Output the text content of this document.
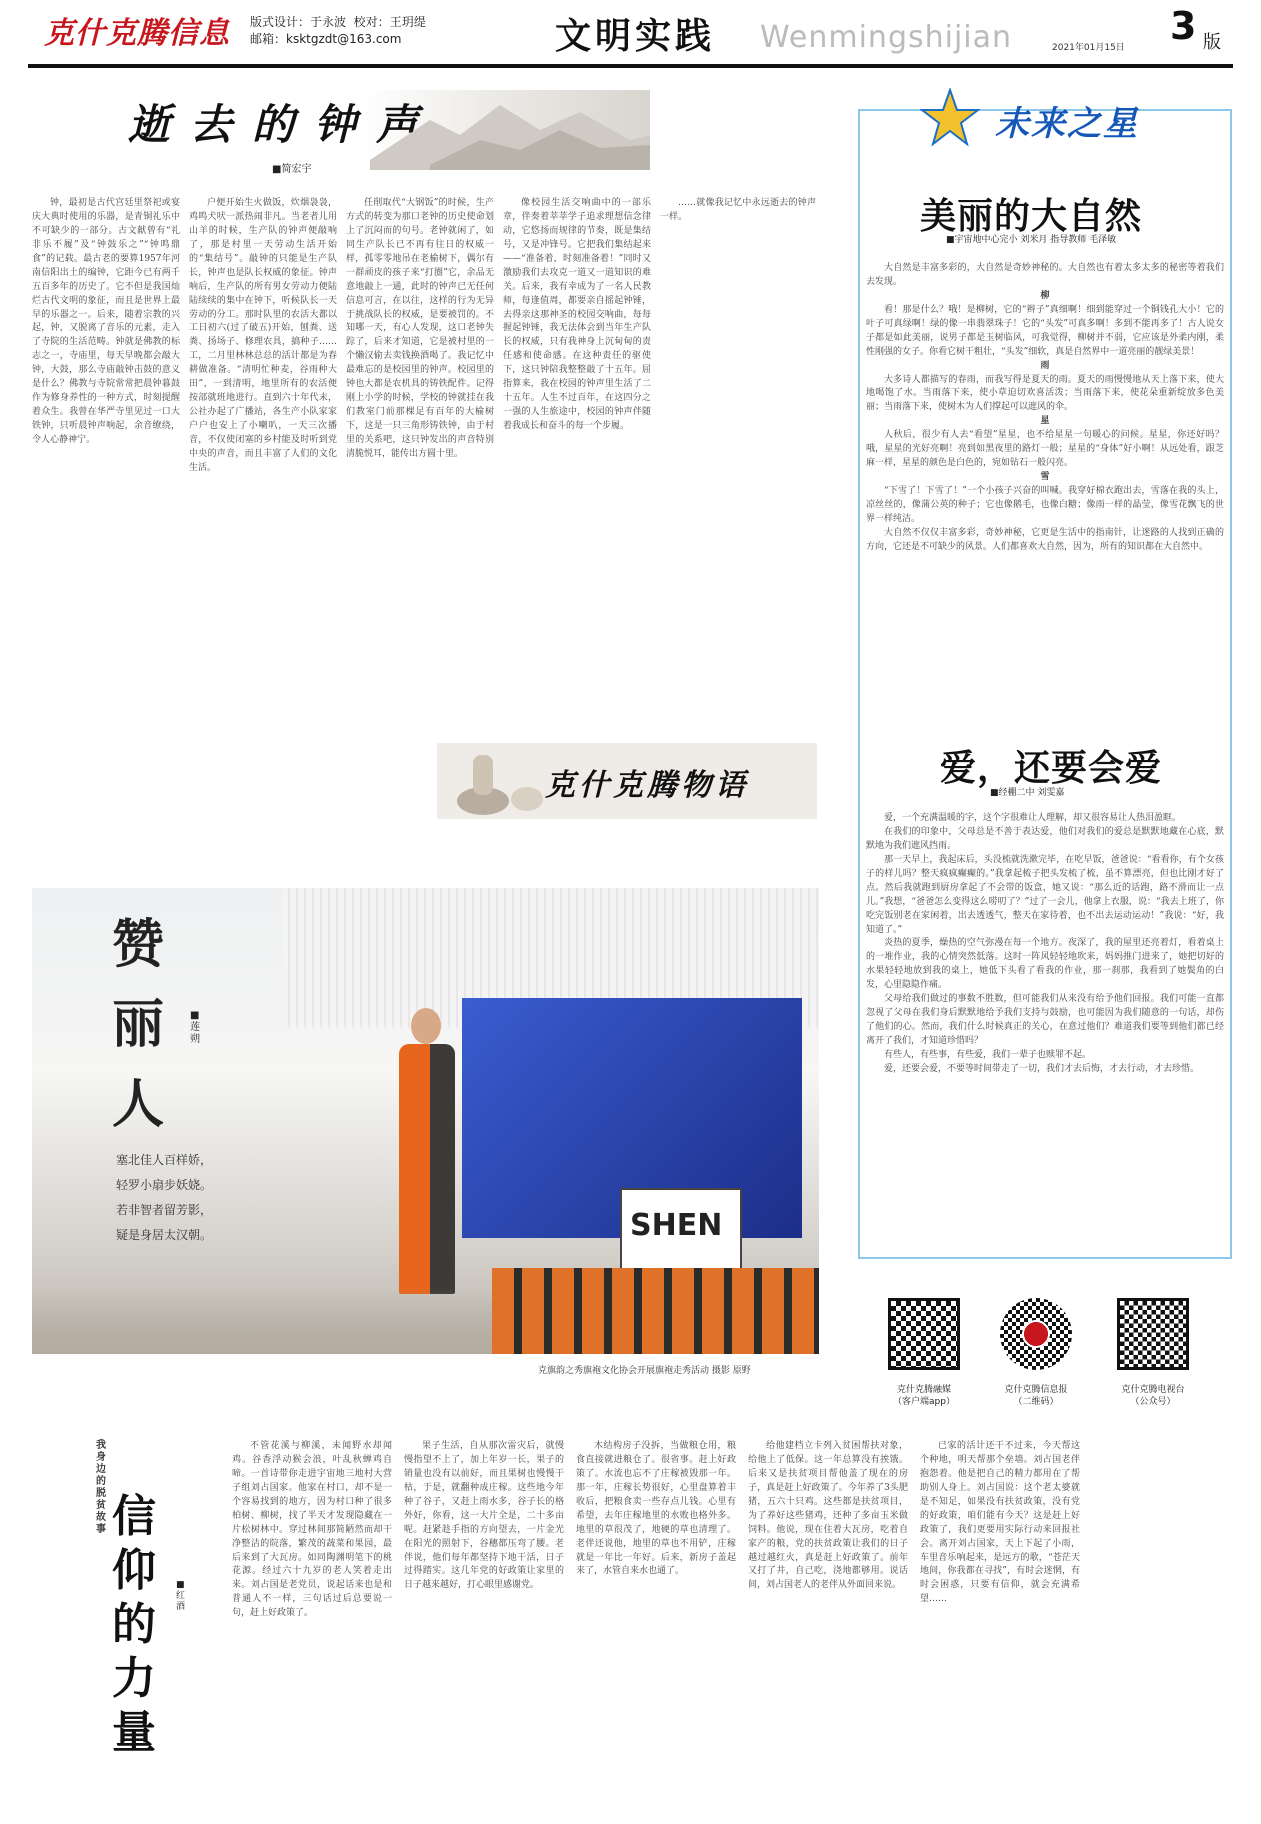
克什克腾信息 版式设计：于永波 校对：王玥缇
邮箱：ksktgzdt@163.com	文明实践 Wenmingshijian	2021年01月15日 3 版
逝去的钟声
■简宏宇

钟，最初是古代宫廷里祭祀或宴庆大典时使用的乐器，是青铜礼乐中不可缺少的一部分。古文献曾有“礼非乐不履”及“钟鼓乐之”“钟鸣鼎食”的记载。最古老的要算1957年河南信阳出土的编钟，它距今已有两千五百多年的历史了。它不但是我国灿烂古代文明的象征，而且是世界上最早的乐器之一。后来，随着宗教的兴起，钟，又脱离了音乐的元素，走入了寺院的生活范畴。钟就是佛教的标志之一，寺庙里，每天早晚都会敲大钟，大鼓，那么寺庙敲钟击鼓的意义是什么？佛教与寺院常常把晨钟暮鼓作为修身养性的一种方式，时刻提醒着众生。我曾在华严寺里见过一口大铁钟，只听晨钟声响起，余音缭绕，令人心静神宁。

户便开始生火做饭，炊烟袅袅，鸡鸣犬吠一派热闹非凡。当老者儿用山羊的时候，生产队的钟声便敲响了，那是村里一天劳动生活开始的“集结号”。敲钟的只能是生产队长，钟声也是队长权威的象征。钟声响后，生产队的所有男女劳动力便陆陆续续的集中在钟下，听候队长一天劳动的分工。那时队里的农活大都以工日初六(过了破五)开始，刨粪、送粪、扬场子、修理农具，搞种子……工，二月里林林总总的活计都是为春耕做准备。“清明忙种麦，谷雨种大田”，一到清明，地里所有的农活便按部就班地进行。直到六十年代末，公社办起了广播站，各生产小队家家户户也安上了小喇叭，一天三次播音，不仅使闭塞的乡村能及时听到党中央的声音，而且丰富了人们的文化生活。

任削取代“大钢饭”的时候，生产方式的转变为那口老钟的历史使命划上了沉闷而的句号。老钟就闲了，如同生产队长已不再有往日的权威一样，孤零零地吊在老榆树下，偶尔有一群顽皮的孩子来“打圈”它，余品无意地敲上一通，此时的钟声已无任何信息可言，在以往，这样的行为无异于挑战队长的权威，是要被罚的。不知哪一天，有心人发现，这口老钟失踪了，后来才知道，它是被村里的一个懒汉偷去卖钱换酒喝了。我记忆中最难忘的是校园里的钟声。校园里的钟也大都是农机具的铸铁配件。记得刚上小学的时候，学校的钟就挂在我们教室门前那棵足有百年的大榆树下，这是一只三角形铸铁钟，由于村里的关系吧，这只钟发出的声音特别清脆悦耳，能传出方圆十里。

像校园生活交响曲中的一部乐章，伴奏着莘莘学子追求理想信念律动，它悠扬而规律的节奏，既是集结号，又是冲锋号。它把我们集结起来——“准备着，时刻准备着！”同时又激励我们去攻克一道又一道知识的难关。后来，我有幸成为了一名人民教师，每逢值周，都要亲自摇起钟锤，去得亲这那神圣的校园交响曲，每每握起钟锤，我无法体会到当年生产队长的权威，只有我神身上沉甸甸的责任感和使命感。在这种责任的驱使下，这只钟陪我整整敲了十五年。屈指算来，我在校园的钟声里生活了二十五年。人生不过百年，在这四分之一强的人生旅途中，校园的钟声伴随着我成长和奋斗的每一个步履。

……就像我记忆中永远逝去的钟声一样。

克什克腾物语
SHEN
赞丽人
■莲朔
塞北佳人百样娇，
轻罗小扇步妖娆。
若非智者留芳影，
疑是身居太汉朝。
克旗韵之秀旗袍文化协会开展旗袍走秀活动 摄影 原野
未来之星
美丽的大自然
■宇宙地中心完小 刘米月 指导教师 毛泽敏

大自然是丰富多彩的，大自然是奇妙神秘的。大自然也有着太多太多的秘密等着我们去发现。

柳

看！那是什么？哦！是柳树，它的“辫子”真细啊！细到能穿过一个铜钱孔大小！它的叶子可真绿啊！绿的像一串翡翠珠子！它的“头发”可真多啊！多到不能再多了！古人说女子都是如此美丽，说男子都是玉树临风，可我觉得，柳树并不弱，它应该是外柔内刚，柔性刚强的女子。你看它树干粗壮，“头发”细软，真是自然界中一道亮丽的靓绿美景！

雨

大多诗人都描写的春雨，而我写得是夏天的雨。夏天的雨慢慢地从天上落下来，使大地喝饱了水。当雨落下来，使小草迫切欢喜活泼；当雨落下来，使花朵重新绽放多色美丽；当雨落下来，使树木为人们撑起可以遮风的伞。

星

人秋后，很少有人去“看望”星星，也不给星星一句暖心的问候。星星，你还好吗？哦，星星的光好亮啊！亮到如黑夜里的路灯一般；星星的“身体”好小啊！从远处看，跟芝麻一样，星星的颜色是白色的，宛如钻石一般闪亮。

雪

“下雪了！下雪了！”一个小孩子兴奋的叫喊。我穿好棉衣跑出去，雪落在我的头上，凉丝丝的，像蒲公英的种子；它也像鹅毛，也像白糖；像雨一样的晶莹，像雪花飘飞的世界一样纯洁。

大自然不仅仅丰富多彩，奇妙神秘，它更是生活中的指南针，让迷路的人找到正确的方向，它还是不可缺少的风景。人们都喜欢大自然，因为，所有的知识都在大自然中。

爱，还要会爱
■经棚二中 刘雯嘉

爱，一个充满温暖的字，这个字很难让人理解，却又很容易让人热泪盈眶。

在我们的印象中，父母总是不善于表达爱，他们对我们的爱总是默默地藏在心底，默默地为我们遮风挡雨。

那一天早上，我起床后，头没梳就洗漱完毕，在吃早饭，爸爸说：“看看你，有个女孩子的样儿吗？整天疯疯癫癫的。”我拿起梳子把头发梳了梳，虽不算漂亮，但也比刚才好了点。然后我就跑到厨房拿起了不会带的饭盒，她又说：“那么近的话跑，路不滑而让一点儿。”我想，“爸爸怎么变得这么唠叨了？”过了一会儿，他拿上衣服，说：“我去上班了，你吃完饭别老在家闲着，出去透透气，整天在家待着，也不出去运动运动！”我说：“好，我知道了。”

炎热的夏季，燥热的空气弥漫在每一个地方。夜深了，我的屋里还亮着灯，看着桌上的一堆作业，我的心情突然低落。这时一阵风轻轻地吹来，妈妈推门进来了，她把切好的水果轻轻地放到我的桌上，她低下头看了看我的作业，那一刹那，我看到了她鬓角的白发，心里隐隐作痛。

父母给我们做过的事数不胜数，但可能我们从来没有给予他们回报。我们可能一直都忽视了父母在我们身后默默地给予我们支持与鼓励，也可能因为我们随意的一句话，却伤了他们的心。然而，我们什么时候真正的关心，在意过他们？难道我们要等到他们都已经离开了我们，才知道珍惜吗？

有些人，有些事，有些爱，我们一辈子也赎罪不起。

爱，还要会爱，不要等时间带走了一切，我们才去后悔，才去行动，才去珍惜。

克什克腾融媒
（客户端app）
克什克腾信息报
（二维码）
克什克腾电视台
（公众号）
我身边的脱贫故事 信仰的力量
■红酒

不管花溪与柳溪，未闻野水却闻鸡。谷香浮动猴会浪，叶乱秋蝉鸡自啼。一首诗带你走进宇宙地三地村大营子组刘占国家。他家在村口，却不是一个容易找到的地方，因为村口种了很多柏树、柳树，找了半天才发现隐藏在一片松树林中。穿过林间那简陋然而却干净整洁的院落，繁茂的蔬菜和果园，最后来到了大瓦房。如同陶渊明笔下的桃花源。经过六十九岁的老人笑着走出来。刘占国是老党员，说起话来也是和普通人不一样，三句话过后总要说一句，赶上好政策了。

果子生活，自从那次雷灾后，就慢慢指望不上了，加上年岁一长，果子的销量也没有以前好，而且果树也慢慢干枯，于是，就翻种成庄稼。这些地今年种了谷子，又赶上雨水多，谷子长的格外好，你看，这一大片全是，二十多亩呢。赶紧趁手指的方向望去，一片金光在阳光的照射下，谷穗都压弯了腰。老伴说，他们每年都坚持下地干活，日子过得踏实。这几年党的好政策让家里的日子越来越好，打心眼里感谢党。

木结构房子没拆，当做粮仓用，粮食直接就进粮仓了。很省事。赶上好政策了。水流也忘不了庄稼被毁那一年。那一年，庄稼长势很好，心里盘算着丰收后，把粮食卖一些存点儿钱。心里有希望，去年庄稼地里的水败也格外多。地里的草很茂了，地硬的草也清理了。老伴还说他，地里的草也不用铲，庄稼就是一年比一年好。后来，新房子盖起来了，水管自来水也通了。

给他建档立卡列入贫困帮扶对象，给他上了低保。这一年总算没有挨饿。后来又是扶贫项目帮他盖了现在的房子，真是赶上好政策了。今年养了3头肥猪，五六十只鸡。这些都是扶贫项目，为了养好这些猪鸡，还种了多亩玉米做饲料。他说，现在住着大瓦房，吃着自家产的粮，党的扶贫政策让我们的日子越过越红火，真是赶上好政策了。前年又打了井，自己吃，浇地都够用。说话间，刘占国老人的老伴从外面回来说。

已家的活计还干不过来，今天帮这个种地，明天帮那个垒墙。刘占国老伴抱怨着。他是把自己的精力都用在了帮助别人身上。刘占国说：这个老太婆就是不知足，如果没有扶贫政策，没有党的好政策，咱们能有今天？这是赶上好政策了，我们更要用实际行动来回报社会。离开刘占国家，天上下起了小雨，车里音乐响起来，是远方的歌，“苍茫天地间，你我都在寻找”，有时会迷惘，有时会困惑，只要有信仰，就会充满希望……
